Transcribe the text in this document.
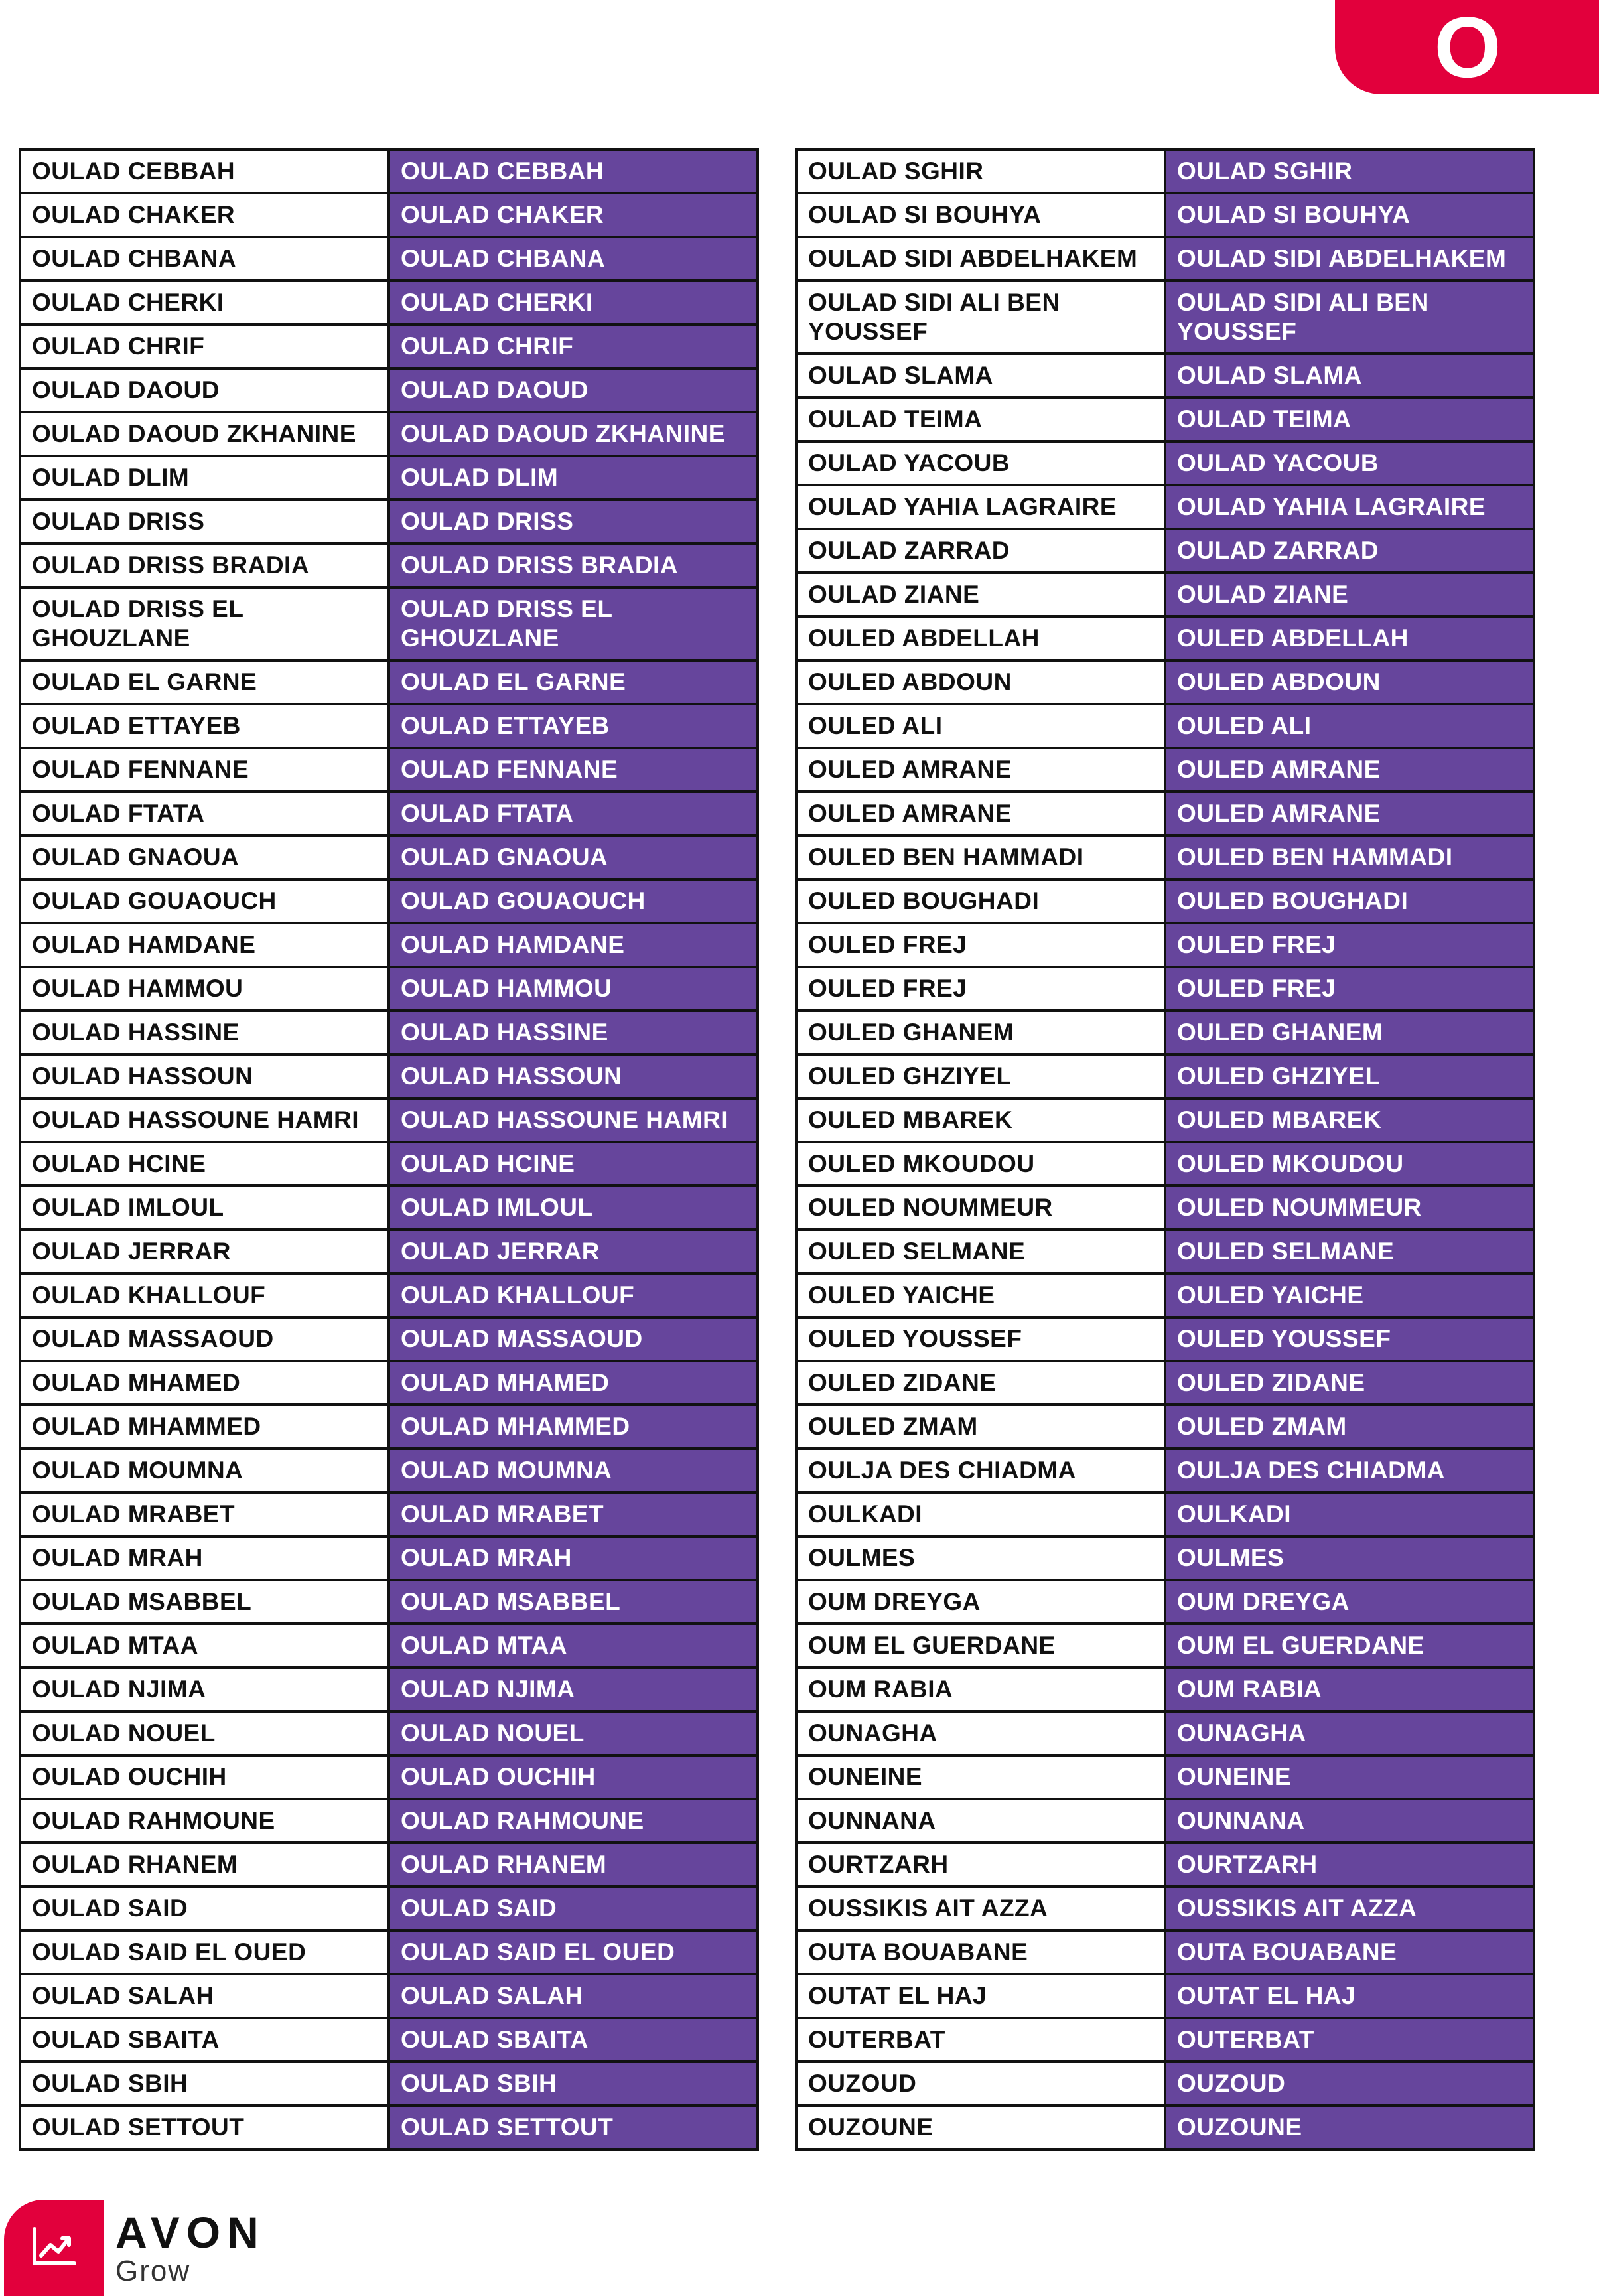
O
OULAD CEBBAH	OULAD CEBBAH
OULAD CHAKER	OULAD CHAKER
OULAD CHBANA	OULAD CHBANA
OULAD CHERKI	OULAD CHERKI
OULAD CHRIF	OULAD CHRIF
OULAD DAOUD	OULAD DAOUD
OULAD DAOUD ZKHANINE	OULAD DAOUD ZKHANINE
OULAD DLIM	OULAD DLIM
OULAD DRISS	OULAD DRISS
OULAD DRISS BRADIA	OULAD DRISS BRADIA
OULAD DRISS EL GHOUZLANE	OULAD DRISS EL GHOUZLANE
OULAD EL GARNE	OULAD EL GARNE
OULAD ETTAYEB	OULAD ETTAYEB
OULAD FENNANE	OULAD FENNANE
OULAD FTATA	OULAD FTATA
OULAD GNAOUA	OULAD GNAOUA
OULAD GOUAOUCH	OULAD GOUAOUCH
OULAD HAMDANE	OULAD HAMDANE
OULAD HAMMOU	OULAD HAMMOU
OULAD HASSINE	OULAD HASSINE
OULAD HASSOUN	OULAD HASSOUN
OULAD HASSOUNE HAMRI	OULAD HASSOUNE HAMRI
OULAD HCINE	OULAD HCINE
OULAD IMLOUL	OULAD IMLOUL
OULAD JERRAR	OULAD JERRAR
OULAD KHALLOUF	OULAD KHALLOUF
OULAD MASSAOUD	OULAD MASSAOUD
OULAD MHAMED	OULAD MHAMED
OULAD MHAMMED	OULAD MHAMMED
OULAD MOUMNA	OULAD MOUMNA
OULAD MRABET	OULAD MRABET
OULAD MRAH	OULAD MRAH
OULAD MSABBEL	OULAD MSABBEL
OULAD MTAA	OULAD MTAA
OULAD NJIMA	OULAD NJIMA
OULAD NOUEL	OULAD NOUEL
OULAD OUCHIH	OULAD OUCHIH
OULAD RAHMOUNE	OULAD RAHMOUNE
OULAD RHANEM	OULAD RHANEM
OULAD SAID	OULAD SAID
OULAD SAID EL OUED	OULAD SAID EL OUED
OULAD SALAH	OULAD SALAH
OULAD SBAITA	OULAD SBAITA
OULAD SBIH	OULAD SBIH
OULAD SETTOUT	OULAD SETTOUT
OULAD SGHIR	OULAD SGHIR
OULAD SI BOUHYA	OULAD SI BOUHYA
OULAD SIDI ABDELHAKEM	OULAD SIDI ABDELHAKEM
OULAD SIDI ALI BEN YOUSSEF	OULAD SIDI ALI BEN YOUSSEF
OULAD SLAMA	OULAD SLAMA
OULAD TEIMA	OULAD TEIMA
OULAD YACOUB	OULAD YACOUB
OULAD YAHIA LAGRAIRE	OULAD YAHIA LAGRAIRE
OULAD ZARRAD	OULAD ZARRAD
OULAD ZIANE	OULAD ZIANE
OULED ABDELLAH	OULED ABDELLAH
OULED ABDOUN	OULED ABDOUN
OULED ALI	OULED ALI
OULED AMRANE	OULED AMRANE
OULED AMRANE	OULED AMRANE
OULED BEN HAMMADI	OULED BEN HAMMADI
OULED BOUGHADI	OULED BOUGHADI
OULED FREJ	OULED FREJ
OULED FREJ	OULED FREJ
OULED GHANEM	OULED GHANEM
OULED GHZIYEL	OULED GHZIYEL
OULED MBAREK	OULED MBAREK
OULED MKOUDOU	OULED MKOUDOU
OULED NOUMMEUR	OULED NOUMMEUR
OULED SELMANE	OULED SELMANE
OULED YAICHE	OULED YAICHE
OULED YOUSSEF	OULED YOUSSEF
OULED ZIDANE	OULED ZIDANE
OULED ZMAM	OULED ZMAM
OULJA DES CHIADMA	OULJA DES CHIADMA
OULKADI	OULKADI
OULMES	OULMES
OUM DREYGA	OUM DREYGA
OUM EL GUERDANE	OUM EL GUERDANE
OUM RABIA	OUM RABIA
OUNAGHA	OUNAGHA
OUNEINE	OUNEINE
OUNNANA	OUNNANA
OURTZARH	OURTZARH
OUSSIKIS AIT AZZA	OUSSIKIS AIT AZZA
OUTA BOUABANE	OUTA BOUABANE
OUTAT EL HAJ	OUTAT EL HAJ
OUTERBAT	OUTERBAT
OUZOUD	OUZOUD
OUZOUNE	OUZOUNE
AVON
Grow
